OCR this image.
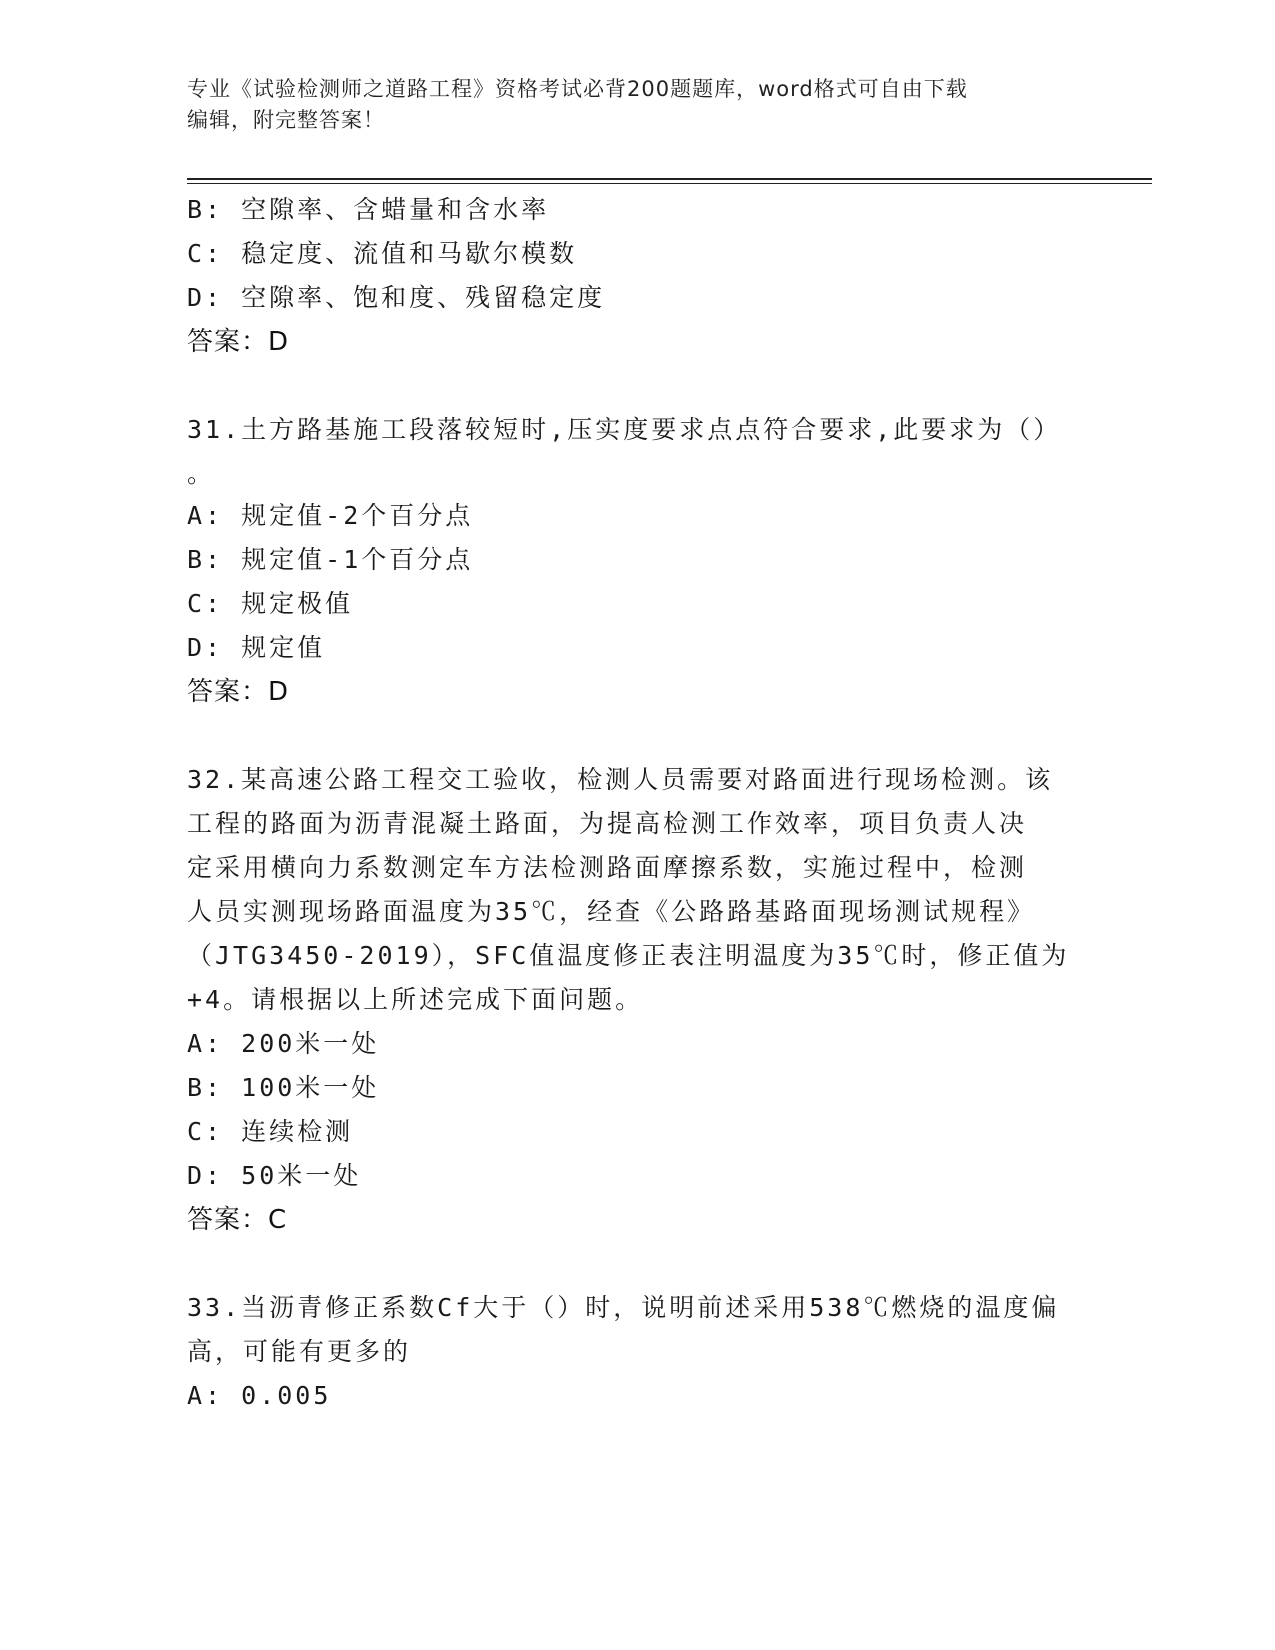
专业《试验检测师之道路工程》资格考试必背200题题库，word格式可自由下载
编辑，附完整答案！
B: 空隙率、含蜡量和含水率
C: 稳定度、流值和马歇尔模数
D: 空隙率、饱和度、残留稳定度
答案：D
31.土方路基施工段落较短时,压实度要求点点符合要求,此要求为（）
。
A: 规定值-2个百分点
B: 规定值-1个百分点
C: 规定极值
D: 规定值
答案：D
32.某高速公路工程交工验收，检测人员需要对路面进行现场检测。该
工程的路面为沥青混凝土路面，为提高检测工作效率，项目负责人决
定采用横向力系数测定车方法检测路面摩擦系数，实施过程中，检测
人员实测现场路面温度为35℃，经查《公路路基路面现场测试规程》
（JTG3450-2019），SFC值温度修正表注明温度为35℃时，修正值为
+4。请根据以上所述完成下面问题。
A: 200米一处
B: 100米一处
C: 连续检测
D: 50米一处
答案：C
33.当沥青修正系数Cf大于（）时，说明前述采用538℃燃烧的温度偏
高，可能有更多的
A: 0.005
